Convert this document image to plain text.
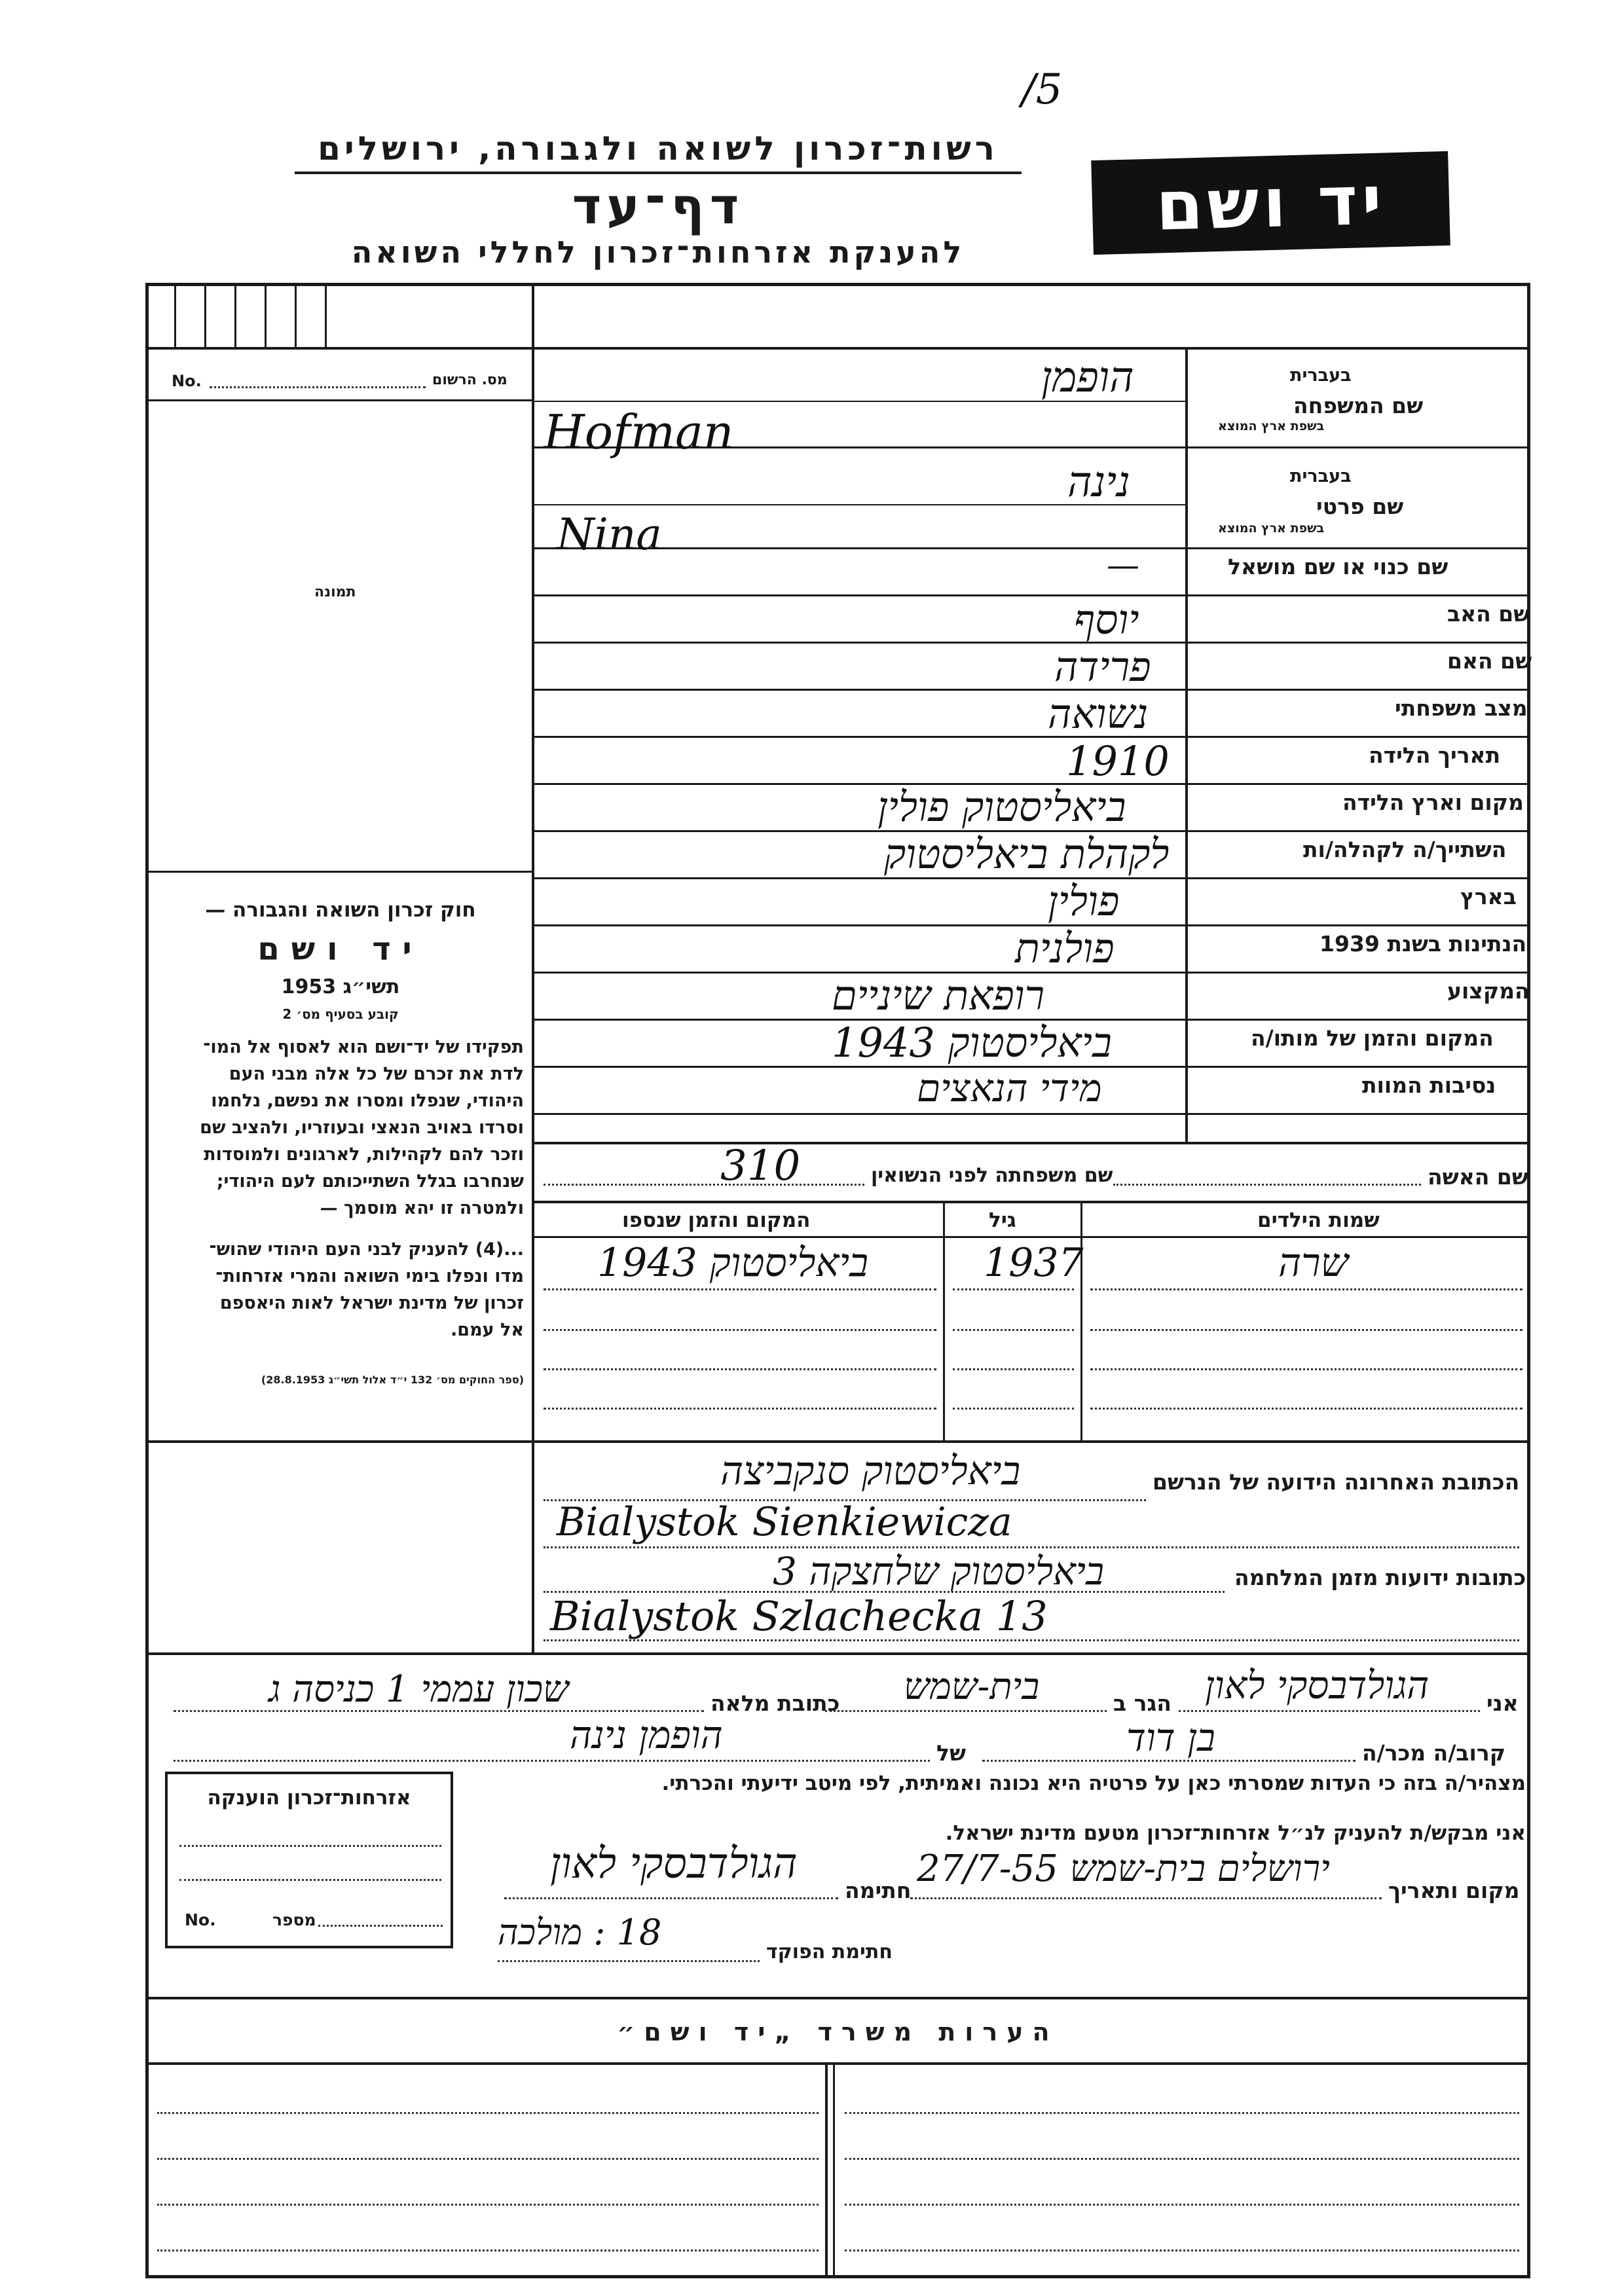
/5
רשות־זכרון לשואה ולגבורה, ירושלים
דף־עד
להענקת אזרחות־זכרון לחללי השואה
יד ושם
No.	מס. הרשום
תמונה
חוק זכרון השואה והגבורה —
יד ושם
תשי״ג 1953
קובע בסעיף מס׳ 2
תפקידו של יד־ושם הוא לאסוף אל המו־
לדת את זכרם של כל אלה מבני העם
היהודי, שנפלו ומסרו את נפשם, נלחמו
וסרדו באויב הנאצי ובעוזריו, ולהציב שם
וזכר להם לקהילות, לארגונים ולמוסדות
שנחרבו בגלל השתייכותם לעם היהודי;
ולמטרה זו יהא מוסמך —
...(4) להעניק לבני העם היהודי שהוש־
מדו ונפלו בימי השואה והמרי אזרחות־
זכרון של מדינת ישראל לאות היאספם
אל עמם.
(ספר החוקים מס׳ 132 י״ד אלול תשי״ג 28.8.1953)
שם המשפחה
בעברית
בשפת ארץ המוצא
הופמן
Hofman
שם פרטי
בעברית
בשפת ארץ המוצא
נינה
Nina
שם כנוי או שם מושאל
—
שם האב
יוסף
שם האם
פרידה
מצב משפחתי
נשואה
תאריך הלידה
1910
מקום וארץ הלידה
ביאליסטוק פולין
השתייך/ה לקהלה/ות
לקהלת ביאליסטוק
בארץ
פולין
הנתינות בשנת 1939
פולנית
המקצוע
רופאת שיניים
המקום והזמן של מותו/ה
ביאליסטוק 1943
נסיבות המוות
מידי הנאצים
שם האשה
שם משפחתה לפני הנשואין
310
שמות הילדים
גיל
המקום והזמן שנספו
שרה
1937
ביאליסטוק 1943
הכתובת האחרונה הידועה של הנרשם
ביאליסטוק סנקביצה
Bialystok Sienkiewicza
כתובות ידועות מזמן המלחמה
ביאליסטוק שלחצקה 3
Bialystok Szlachecka 13
אני
הגולדבסקי לאון
הגר ב
בית-שמש
כתובת מלאה
שכון עממי 1 כניסה ג
קרוב/ה מכר/ה
בן דוד
של
הופמן נינה
מצהיר/ה בזה כי העדות שמסרתי כאן על פרטיה היא נכונה ואמיתית, לפי מיטב ידיעתי והכרתי.
אזרחות־זכרון הוענקה
מספר
No.
אני מבקש/ת להעניק לנ״ל אזרחות־זכרון מטעם מדינת ישראל.
מקום ותאריך
ירושלים בית-שמש 27/7-55
חתימה
הגולדבסקי לאון
חתימת הפוקד
18 : מולכה
הערות משרד „יד ושם״
